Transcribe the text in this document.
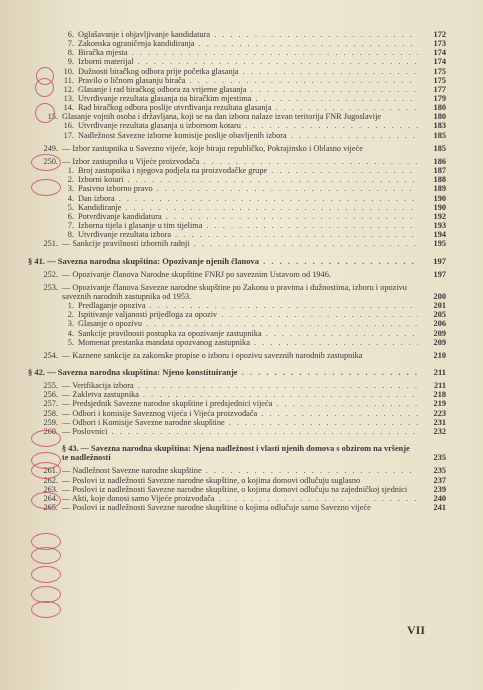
6. Oglašavanje i objavljivanje kandidatura . . .	172
7. Zakonska ograničenja kandidiranja . . .	173
8. Biračka mjesta . . .	174
9. Izborni materijal . . .	174
10. Dužnosti biračkog odbora prije početka glasanja . . .	175
11. Pravilo o ličnom glasanju birača . . .	175
12. Glasanje i rad biračkog odbora za vrijeme glasanja . . .	177
13. Utvrđivanje rezultata glasanja na biračkim mjestima . . .	179
14. Rad biračkog odbora poslije utvrđivanja rezultata glasanja . . .	180
15. Glasanje vojnih osoba i državljana, koji se na dan izbora nalaze izvan teritorija FNR Jugoslavije	180
16. Utvrđivanje rezultata glasanja u izbornom kotaru . . .	183
17. Nadležnost Savezne izborne komisije poslije obavljenih izbora . . .	185
249. — Izbor zastupnika u Savezno vijeće, koje biraju republičko, Pokrajinsko i Oblasno vijeće	185
250. — Izbor zastupnika u Vijeće proizvođača . . .	186
1. Broj zastupnika i njegova podjela na proizvođačke grupe . . .	187
2. Izborni kotari . . .	188
3. Pasivno izborno pravo . . .	189
4. Dan izbora . . .	190
5. Kandidiranje . . .	190
6. Potvrđivanje kandidatura . . .	192
7. Izborna tijela i glasanje u tim tijelima . . .	193
8. Utvrđivanje rezultata izbora . . .	194
251. — Sankcije pravilnosti izbornih radnji . . .	195
§ 41. — Savezna narodna skupština: Opozivanje njenih članova . . .	197
252. — Opozivanje članova Narodne skupštine FNRJ po saveznim Ustavom od 1946.	197
253. — Opozivanje članova Savezne narodne skupštine po Zakonu o pravima i dužnostima, izboru i opozivu saveznih narodnih zastupnika od 1953.	200
1. Predlaganje opoziva . . .	201
2. Ispitivanje valjanosti prijedloga za opoziv . . .	205
3. Glasanje o opozivu . . .	206
4. Sankcije pravilnosti postupka za opozivanje zastupnika . . .	209
5. Momenat prestanka mandata opozvanog zastupnika . . .	209
254. — Kaznene sankcije za zakonske propise o izboru i opozivu saveznih narodnih zastupnika	210
§ 42. — Savezna narodna skupština: Njeno konstituiranje . . .	211
255. — Verifikacija izbora . . .	211
256. — Zakletva zastupnika . . .	218
257. — Predsjednik Savezne narodne skupštine i predsjednici vijeća . . .	219
258. — Odbori i komisije Saveznog vijeća i Vijeća proizvođača . . .	223
259. — Odbori i Komisije Savezne narodne skupštine . . .	231
260. — Poslovnici . . .	232
§ 43. — Savezna narodna skupština: Njena nadležnost i vlasti njenih domova s obzirom na vršenje te nadležnosti	235
261. — Nadležnost Savezne narodne skupštine . . .	235
262. — Poslovi iz nadležnosti Savezne narodne skupštine, o kojima domovi odlučuju suglasno	237
263. — Poslovi iz nadležnosti Savezne narodne skupštine, o kojima domovi odlučuju na zajedničkoj sjednici	239
264. — Akti, koje donosi samo Vijeće proizvođača . . .	240
265. — Poslovi iz nadležnosti Savezne narodne skupštine o kojima odlučuje samo Savezno vijeće	241
VII
